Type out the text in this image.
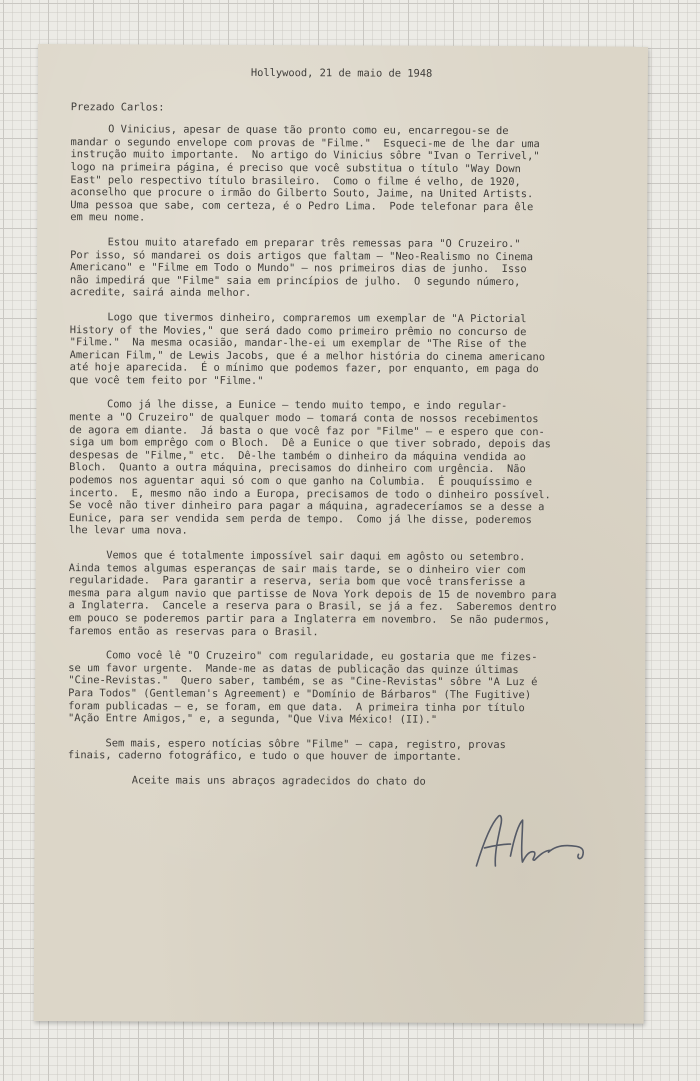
Hollywood, 21 de maio de 1948
Prezado Carlos:
O Vinicius, apesar de quase tão pronto como eu, encarregou-se de
mandar o segundo envelope com provas de "Filme."  Esqueci-me de lhe dar uma
instrução muito importante.  No artigo do Vinicius sôbre "Ivan o Terrivel,"
logo na primeira página, é preciso que você substitua o título "Way Down
East" pelo respectivo título brasileiro.  Como o filme é velho, de 1920,
aconselho que procure o irmão do Gilberto Souto, Jaime, na United Artists.
Uma pessoa que sabe, com certeza, é o Pedro Lima.  Pode telefonar para êle
em meu nome.
Estou muito atarefado em preparar três remessas para "O Cruzeiro."
Por isso, só mandarei os dois artigos que faltam — "Neo-Realismo no Cinema
Americano" e "Filme em Todo o Mundo" — nos primeiros dias de junho.  Isso
não impedirá que "Filme" saia em princípios de julho.  O segundo número,
acredite, sairá ainda melhor.
Logo que tivermos dinheiro, compraremos um exemplar de "A Pictorial
History of the Movies," que será dado como primeiro prêmio no concurso de
"Filme."  Na mesma ocasião, mandar-lhe-ei um exemplar de "The Rise of the
American Film," de Lewis Jacobs, que é a melhor história do cinema americano
até hoje aparecida.  É o mínimo que podemos fazer, por enquanto, em paga do
que você tem feito por "Filme."
Como já lhe disse, a Eunice — tendo muito tempo, e indo regular-
mente a "O Cruzeiro" de qualquer modo — tomará conta de nossos recebimentos
de agora em diante.  Já basta o que você faz por "Filme" — e espero que con-
siga um bom emprêgo com o Bloch.  Dê a Eunice o que tiver sobrado, depois das
despesas de "Filme," etc.  Dê-lhe também o dinheiro da máquina vendida ao
Bloch.  Quanto a outra máquina, precisamos do dinheiro com urgência.  Não
podemos nos aguentar aqui só com o que ganho na Columbia.  É pouquíssimo e
incerto.  E, mesmo não indo a Europa, precisamos de todo o dinheiro possível.
Se você não tiver dinheiro para pagar a máquina, agradeceríamos se a desse a
Eunice, para ser vendida sem perda de tempo.  Como já lhe disse, poderemos
lhe levar uma nova.
Vemos que é totalmente impossível sair daqui em agôsto ou setembro.
Ainda temos algumas esperanças de sair mais tarde, se o dinheiro vier com
regularidade.  Para garantir a reserva, seria bom que você transferisse a
mesma para algum navio que partisse de Nova York depois de 15 de novembro para
a Inglaterra.  Cancele a reserva para o Brasil, se já a fez.  Saberemos dentro
em pouco se poderemos partir para a Inglaterra em novembro.  Se não pudermos,
faremos então as reservas para o Brasil.
Como você lê "O Cruzeiro" com regularidade, eu gostaria que me fizes-
se um favor urgente.  Mande-me as datas de publicação das quinze últimas
"Cine-Revistas."  Quero saber, também, se as "Cine-Revistas" sôbre "A Luz é
Para Todos" (Gentleman's Agreement) e "Domínio de Bárbaros" (The Fugitive)
foram publicadas — e, se foram, em que data.  A primeira tinha por título
"Ação Entre Amigos," e, a segunda, "Que Viva México! (II)."
Sem mais, espero notícias sôbre "Filme" — capa, registro, provas
finais, caderno fotográfico, e tudo o que houver de importante.
Aceite mais uns abraços agradecidos do chato do
